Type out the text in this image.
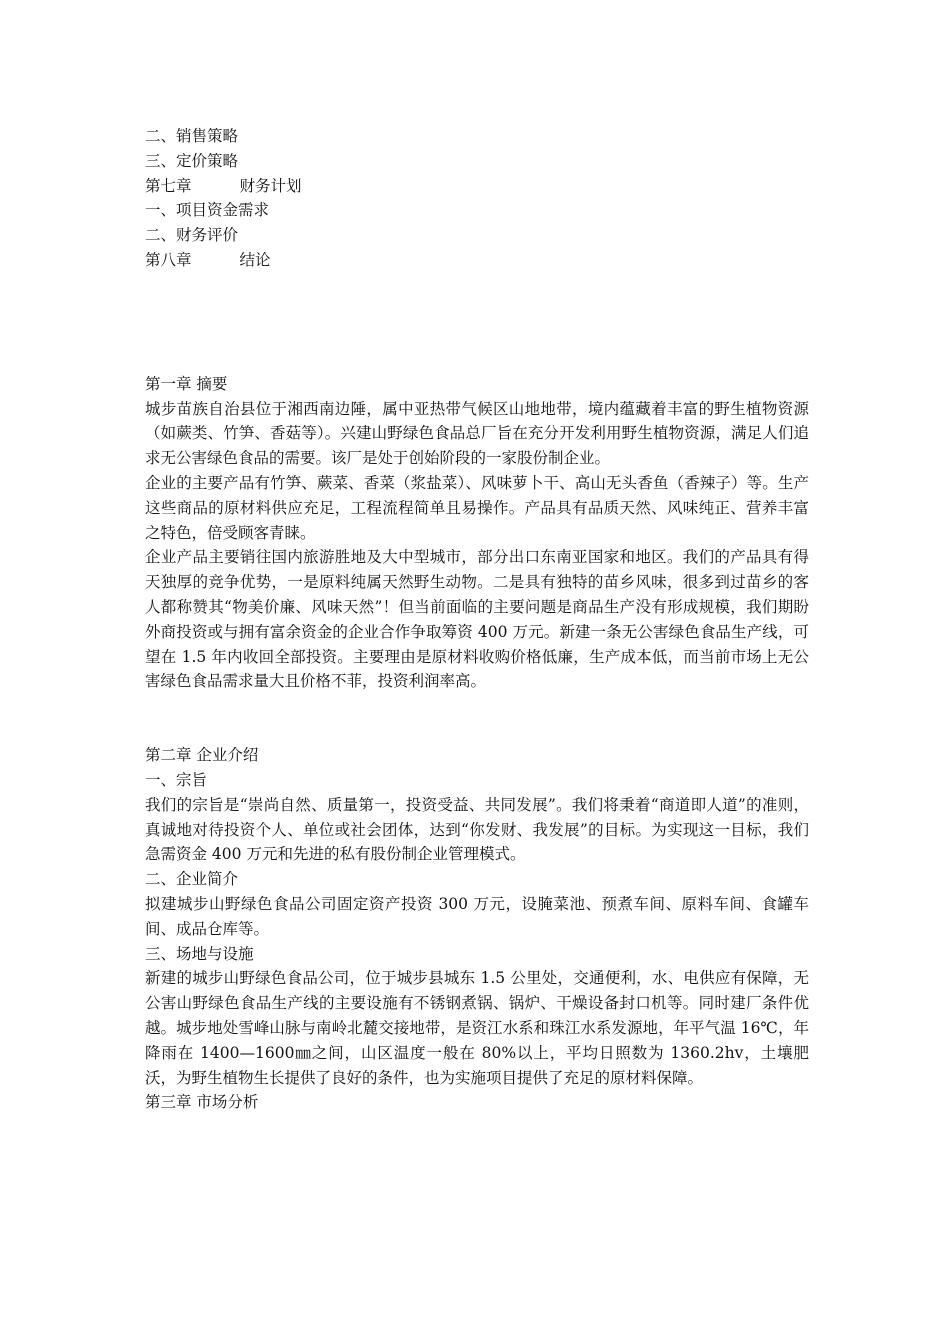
二、销售策略
三、定价策略
第七章	财务计划
一、项目资金需求
二、财务评价
第八章	结论
第一章 摘要
城步苗族自治县位于湘西南边陲，属中亚热带气候区山地地带，境内蕴藏着丰富的野生植物资源（如蕨类、竹笋、香菇等）。兴建山野绿色食品总厂旨在充分开发利用野生植物资源，满足人们追求无公害绿色食品的需要。该厂是处于创始阶段的一家股份制企业。
企业的主要产品有竹笋、蕨菜、香菜（浆盐菜）、风味萝卜干、高山无头香鱼（香辣子）等。生产这些商品的原材料供应充足，工程流程简单且易操作。产品具有品质天然、风味纯正、营养丰富之特色，倍受顾客青睐。
企业产品主要销往国内旅游胜地及大中型城市，部分出口东南亚国家和地区。我们的产品具有得天独厚的竞争优势，一是原料纯属天然野生动物。二是具有独特的苗乡风味，很多到过苗乡的客人都称赞其“物美价廉、风味天然”！但当前面临的主要问题是商品生产没有形成规模，我们期盼外商投资或与拥有富余资金的企业合作争取筹资 400 万元。新建一条无公害绿色食品生产线，可望在 1.5 年内收回全部投资。主要理由是原材料收购价格低廉，生产成本低，而当前市场上无公害绿色食品需求量大且价格不菲，投资利润率高。
第二章 企业介绍
一、宗旨
我们的宗旨是“崇尚自然、质量第一，投资受益、共同发展”。我们将秉着“商道即人道”的准则，真诚地对待投资个人、单位或社会团体，达到“你发财、我发展”的目标。为实现这一目标，我们急需资金 400 万元和先进的私有股份制企业管理模式。
二、企业简介
拟建城步山野绿色食品公司固定资产投资 300 万元，设腌菜池、预煮车间、原料车间、食罐车间、成品仓库等。
三、场地与设施
新建的城步山野绿色食品公司，位于城步县城东 1.5 公里处，交通便利，水、电供应有保障，无公害山野绿色食品生产线的主要设施有不锈钢煮锅、锅炉、干燥设备封口机等。同时建厂条件优越。城步地处雪峰山脉与南岭北麓交接地带，是资江水系和珠江水系发源地，年平气温 16℃，年降雨在 1400—1600㎜之间，山区温度一般在 80%以上，平均日照数为 1360.2hv，土壤肥沃，为野生植物生长提供了良好的条件，也为实施项目提供了充足的原材料保障。
第三章 市场分析
